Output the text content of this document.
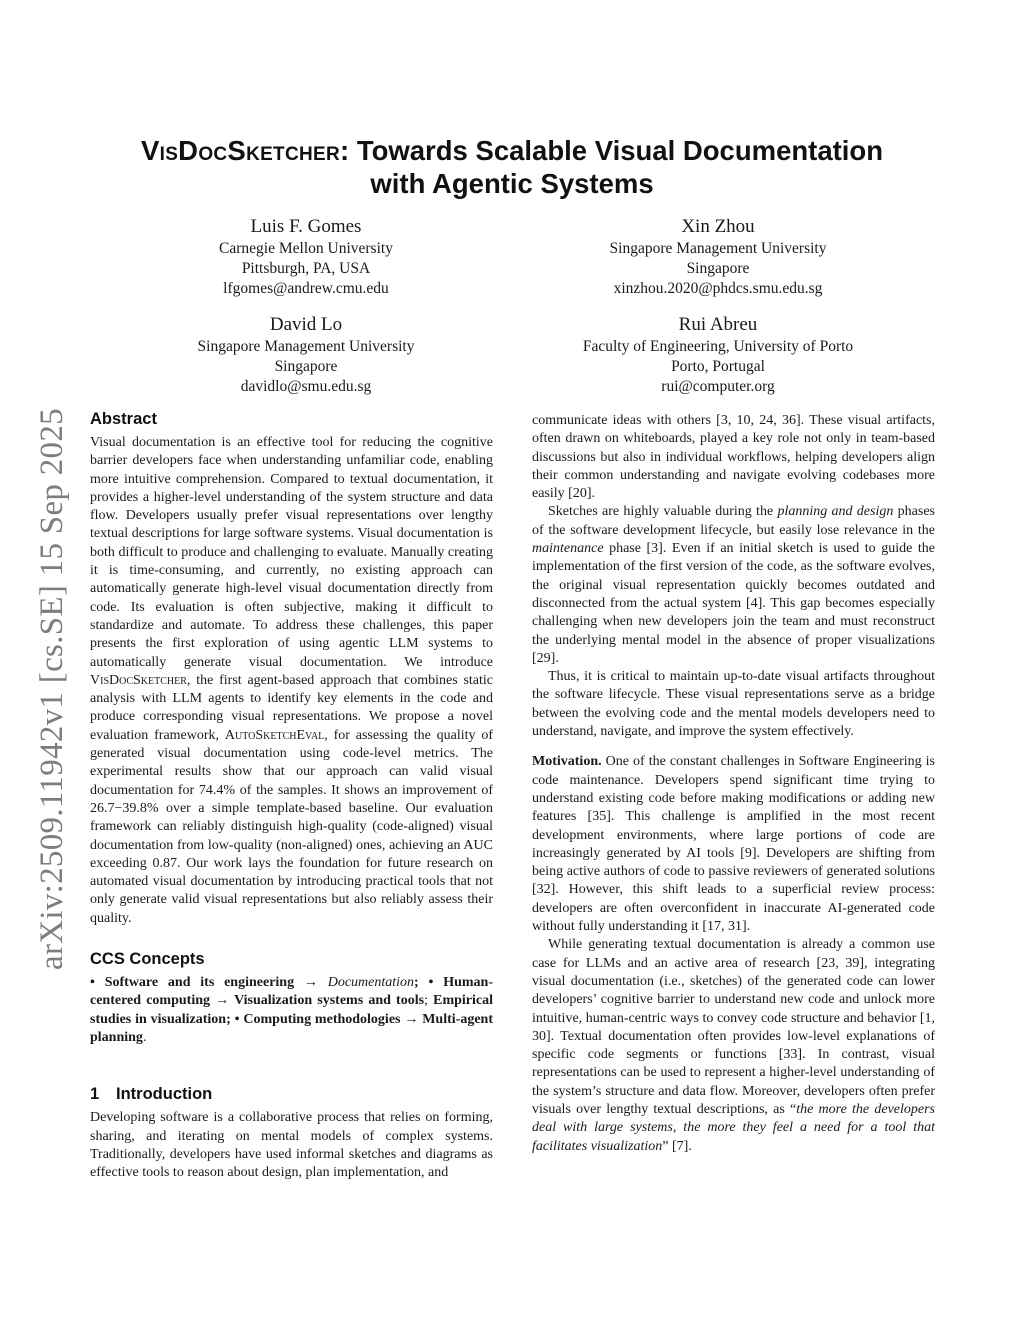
arXiv:2509.11942v1 [cs.SE] 15 Sep 2025
VisDocSketcher: Towards Scalable Visual Documentation
with Agentic Systems
Luis F. Gomes
Carnegie Mellon University
Pittsburgh, PA, USA
lfgomes@andrew.cmu.edu
Xin Zhou
Singapore Management University
Singapore
xinzhou.2020@phdcs.smu.edu.sg
David Lo
Singapore Management University
Singapore
davidlo@smu.edu.sg
Rui Abreu
Faculty of Engineering, University of Porto
Porto, Portugal
rui@computer.org
Abstract

Visual documentation is an effective tool for reducing the cognitive barrier developers face when understanding unfamiliar code, enabling more intuitive comprehension. Compared to textual documentation, it provides a higher-level understanding of the system structure and data flow. Developers usually prefer visual representations over lengthy textual descriptions for large software systems. Visual documentation is both difficult to produce and challenging to evaluate. Manually creating it is time-consuming, and currently, no existing approach can automatically generate high-level visual documentation directly from code. Its evaluation is often subjective, making it difficult to standardize and automate. To address these challenges, this paper presents the first exploration of using agentic LLM systems to automatically generate visual documentation. We introduce VisDocSketcher, the first agent-based approach that combines static analysis with LLM agents to identify key elements in the code and produce corresponding visual representations. We propose a novel evaluation framework, AutoSketchEval, for assessing the quality of generated visual documentation using code-level metrics. The experimental results show that our approach can valid visual documentation for 74.4% of the samples. It shows an improvement of 26.7−39.8% over a simple template-based baseline. Our evaluation framework can reliably distinguish high-quality (code-aligned) visual documentation from low-quality (non-aligned) ones, achieving an AUC exceeding 0.87. Our work lays the foundation for future research on automated visual documentation by introducing practical tools that not only generate valid visual representations but also reliably assess their quality.

CCS Concepts

• Software and its engineering → Documentation; • Human-centered computing → Visualization systems and tools; Empirical studies in visualization; • Computing methodologies → Multi-agent planning.

1 Introduction

Developing software is a collaborative process that relies on forming, sharing, and iterating on mental models of complex systems. Traditionally, developers have used informal sketches and diagrams as effective tools to reason about design, plan implementation, and

communicate ideas with others [3, 10, 24, 36]. These visual artifacts, often drawn on whiteboards, played a key role not only in team-based discussions but also in individual workflows, helping developers align their common understanding and navigate evolving codebases more easily [20].

Sketches are highly valuable during the planning and design phases of the software development lifecycle, but easily lose relevance in the maintenance phase [3]. Even if an initial sketch is used to guide the implementation of the first version of the code, as the software evolves, the original visual representation quickly becomes outdated and disconnected from the actual system [4]. This gap becomes especially challenging when new developers join the team and must reconstruct the underlying mental model in the absence of proper visualizations [29].

Thus, it is critical to maintain up-to-date visual artifacts throughout the software lifecycle. These visual representations serve as a bridge between the evolving code and the mental models developers need to understand, navigate, and improve the system effectively.

Motivation. One of the constant challenges in Software Engineering is code maintenance. Developers spend significant time trying to understand existing code before making modifications or adding new features [35]. This challenge is amplified in the most recent development environments, where large portions of code are increasingly generated by AI tools [9]. Developers are shifting from being active authors of code to passive reviewers of generated solutions [32]. However, this shift leads to a superficial review process: developers are often overconfident in inaccurate AI-generated code without fully understanding it [17, 31].

While generating textual documentation is already a common use case for LLMs and an active area of research [23, 39], integrating visual documentation (i.e., sketches) of the generated code can lower developers’ cognitive barrier to understand new code and unlock more intuitive, human-centric ways to convey code structure and behavior [1, 30]. Textual documentation often provides low-level explanations of specific code segments or functions [33]. In contrast, visual representations can be used to represent a higher-level understanding of the system’s structure and data flow. Moreover, developers often prefer visuals over lengthy textual descriptions, as “the more the developers deal with large systems, the more they feel a need for a tool that facilitates visualization” [7].
